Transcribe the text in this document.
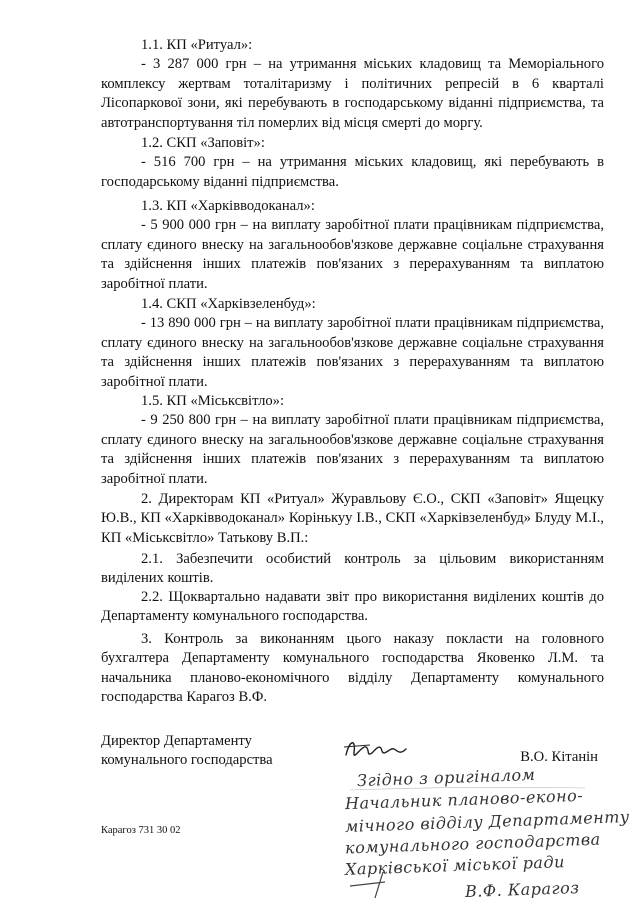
1.1. КП «Ритуал»:

- 3 287 000 грн – на утримання міських кладовищ та Меморіального комплексу жертвам тоталітаризму і політичних репресій в 6 кварталі Лісопаркової зони, які перебувають в господарському віданні підприємства, та автотранспортування тіл померлих від місця смерті до моргу.

1.2. СКП «Заповіт»:

- 516 700 грн – на утримання міських кладовищ, які перебувають в господарському віданні підприємства.

1.3. КП «Харківводоканал»:

- 5 900 000 грн – на виплату заробітної плати працівникам підприємства, сплату єдиного внеску на загальнообов'язкове державне соціальне страхування та здійснення інших платежів пов'язаних з перерахуванням та виплатою заробітної плати.

1.4. СКП «Харківзеленбуд»:

- 13 890 000 грн – на виплату заробітної плати працівникам підприємства, сплату єдиного внеску на загальнообов'язкове державне соціальне страхування та здійснення інших платежів пов'язаних з перерахуванням та виплатою заробітної плати.

1.5. КП «Міськсвітло»:

- 9 250 800 грн – на виплату заробітної плати працівникам підприємства, сплату єдиного внеску на загальнообов'язкове державне соціальне страхування та здійснення інших платежів пов'язаних з перерахуванням та виплатою заробітної плати.

2. Директорам КП «Ритуал» Журавльову Є.О., СКП «Заповіт» Ящецку Ю.В., КП «Харківводоканал» Корінькуу І.В., СКП «Харківзеленбуд» Блуду М.І., КП «Міськсвітло» Татькову В.П.:

2.1. Забезпечити особистий контроль за цільовим використанням виділених коштів.

2.2. Щоквартально надавати звіт про використання виділених коштів до Департаменту комунального господарства.

3. Контроль за виконанням цього наказу покласти на головного бухгалтера Департаменту комунального господарства Яковенко Л.М. та начальника планово-економічного відділу Департаменту комунального господарства Карагоз В.Ф.

Директор Департаменту
комунального господарства	В.О. Кітанін
Карагоз 731 30 02
Згідно з оригіналом
Начальник планово-еконо-
мічного відділу Департаменту
комунального господарства
Харківської міської ради
В.Ф. Карагоз
